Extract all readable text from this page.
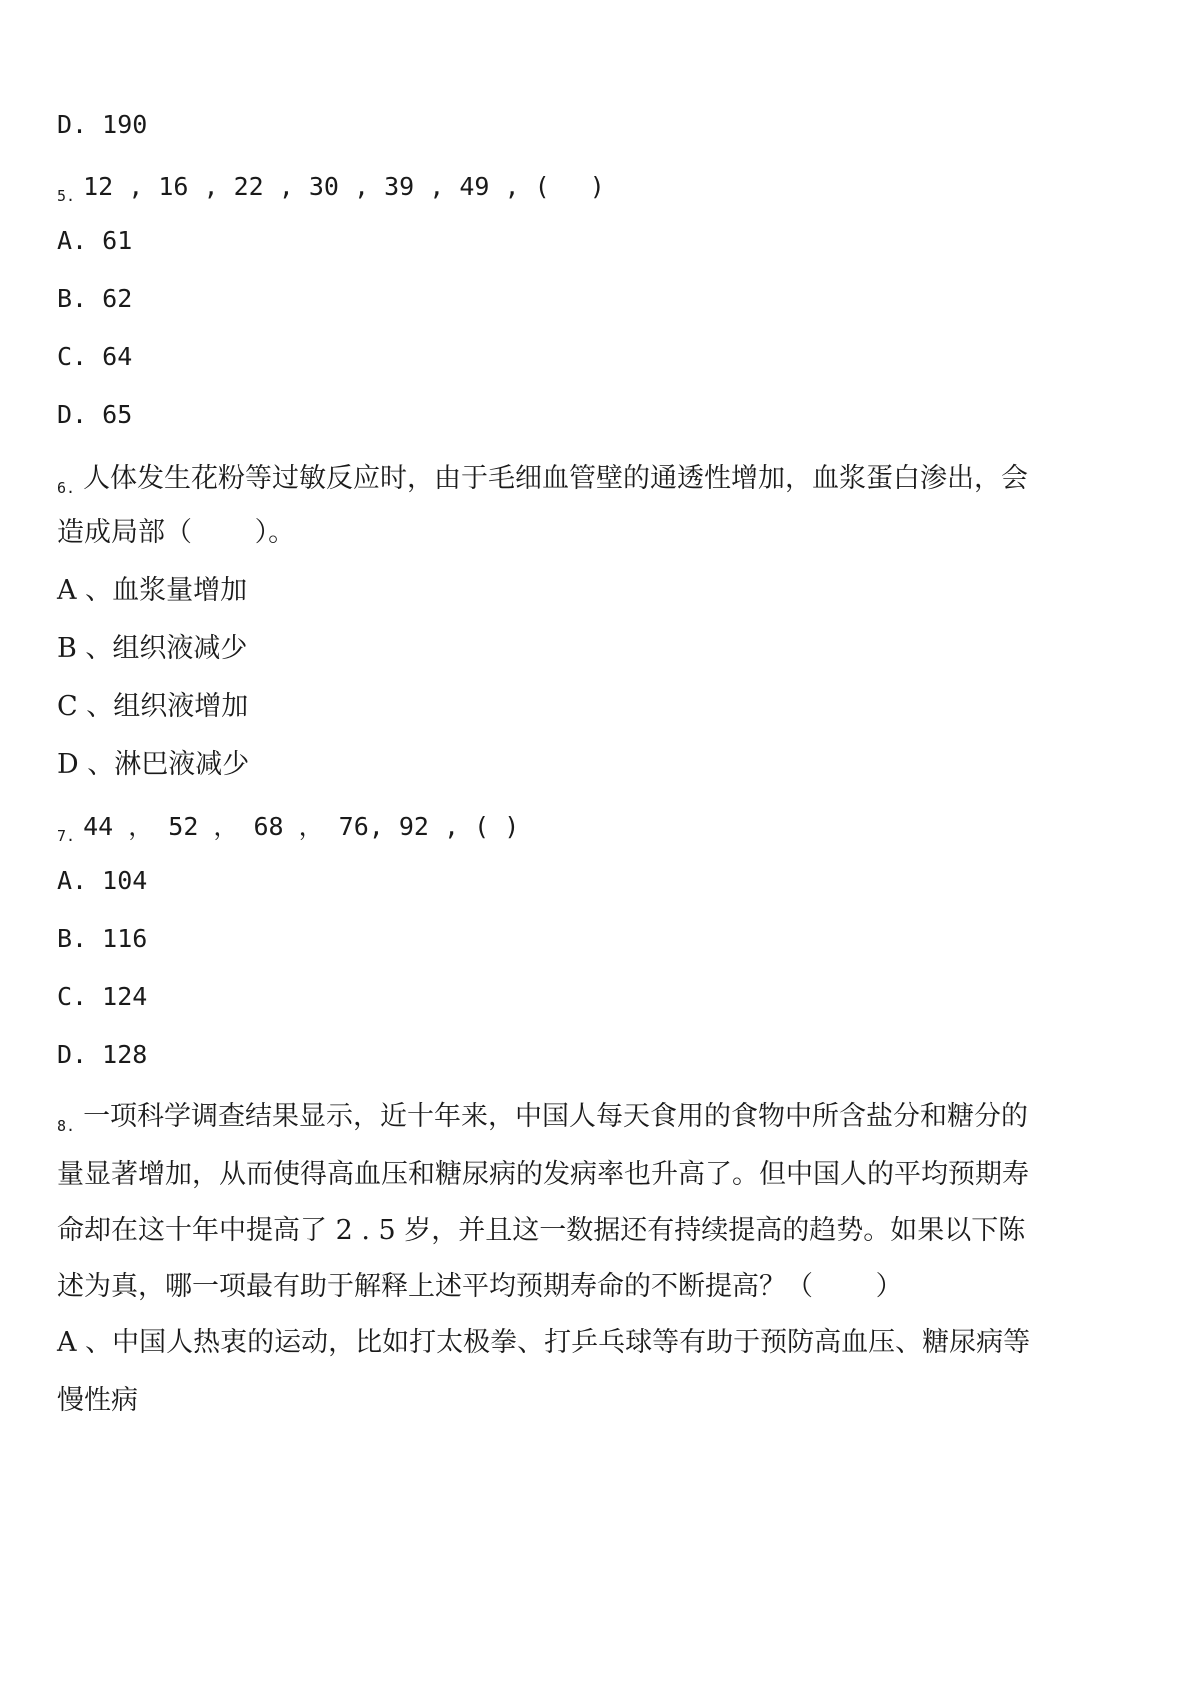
D. 190
$_{5.}$ 12 , 16 , 22 , 30 , 39 , 49 , (　 )
A. 61
B. 62
C. 64
D. 65
$_{6.}$ 人体发生花粉等过敏反应时，由于毛细血管壁的通透性增加，血浆蛋白渗出，会
造成局部（　　 ）。
A 、血浆量增加
B 、组织液减少
C 、组织液增加
D 、淋巴液减少
$_{7.}$ 44 ， 52 ， 68 ， 76, 92 , ( )
A. 104
B. 116
C. 124
D. 128
$_{8.}$ 一项科学调查结果显示，近十年来，中国人每天食用的食物中所含盐分和糖分的
量显著增加，从而使得高血压和糖尿病的发病率也升高了。但中国人的平均预期寿
命却在这十年中提高了 2 . 5 岁，并且这一数据还有持续提高的趋势。如果以下陈
述为真，哪一项最有助于解释上述平均预期寿命的不断提高？（　　 ）
A 、中国人热衷的运动，比如打太极拳、打乒乓球等有助于预防高血压、糖尿病等
慢性病
